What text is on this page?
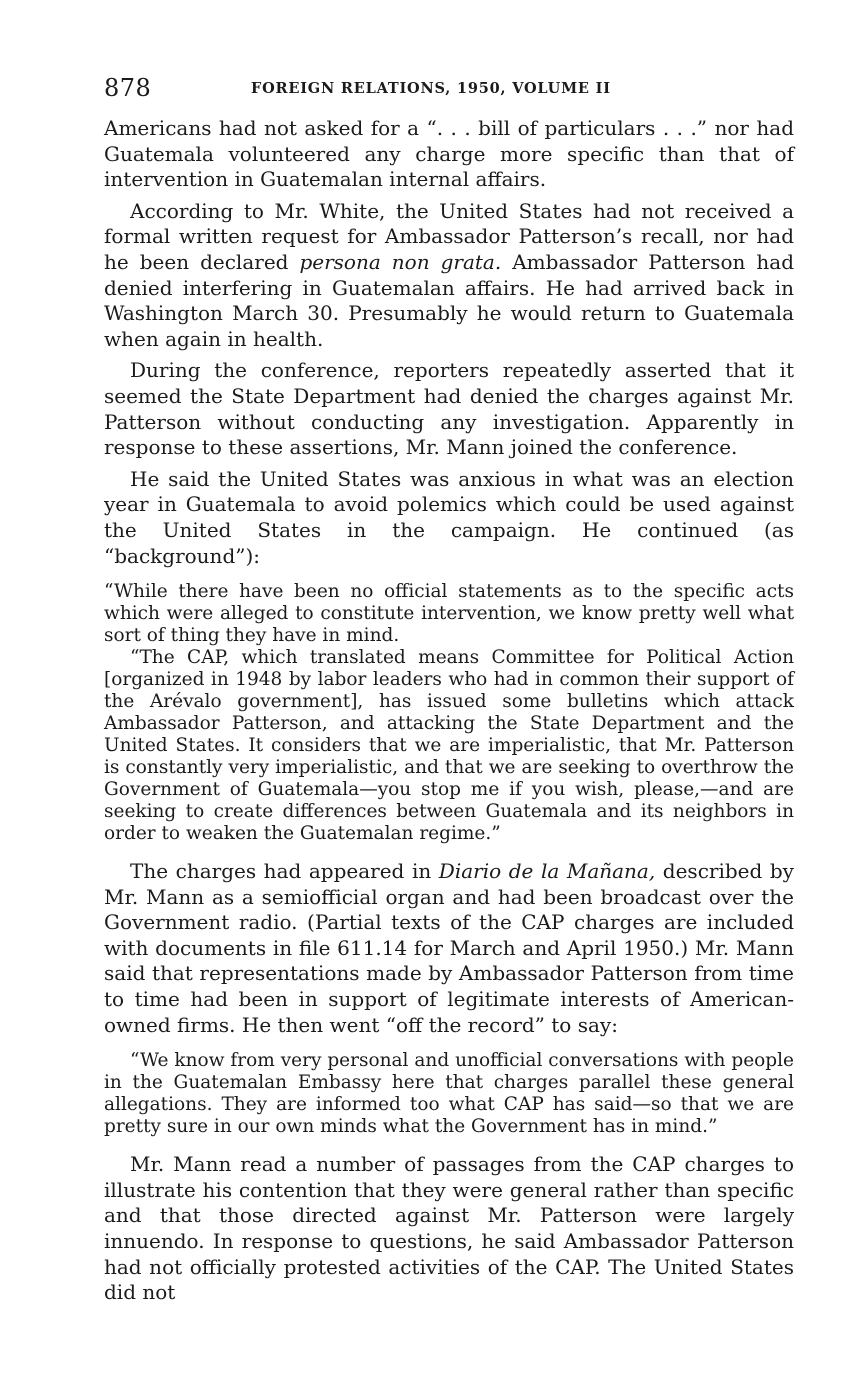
878	FOREIGN RELATIONS, 1950, VOLUME II

Americans had not asked for a “. . . bill of particulars . . .” nor had Guatemala volunteered any charge more specific than that of intervention in Guatemalan internal affairs.

According to Mr. White, the United States had not received a formal written request for Ambassador Patterson’s recall, nor had he been declared persona non grata. Ambassador Patterson had denied interfering in Guatemalan affairs. He had arrived back in Washington March 30. Presumably he would return to Guatemala when again in health.

During the conference, reporters repeatedly asserted that it seemed the State Department had denied the charges against Mr. Patterson without conducting any investigation. Apparently in response to these assertions, Mr. Mann joined the conference.

He said the United States was anxious in what was an election year in Guatemala to avoid polemics which could be used against the United States in the campaign. He continued (as “background”):

“While there have been no official statements as to the specific acts which were alleged to constitute intervention, we know pretty well what sort of thing they have in mind.

“The CAP, which translated means Committee for Political Action [organized in 1948 by labor leaders who had in common their support of the Arévalo government], has issued some bulletins which attack Ambassador Patterson, and attacking the State Department and the United States. It considers that we are imperialistic, that Mr. Patterson is constantly very imperialistic, and that we are seeking to overthrow the Government of Guatemala—you stop me if you wish, please,—and are seeking to create differences between Guatemala and its neighbors in order to weaken the Guatemalan regime.”

The charges had appeared in Diario de la Mañana, described by Mr. Mann as a semiofficial organ and had been broadcast over the Government radio. (Partial texts of the CAP charges are included with documents in file 611.14 for March and April 1950.) Mr. Mann said that representations made by Ambassador Patterson from time to time had been in support of legitimate interests of American-owned firms. He then went “off the record” to say:

“We know from very personal and unofficial conversations with people in the Guatemalan Embassy here that charges parallel these general allegations. They are informed too what CAP has said—so that we are pretty sure in our own minds what the Government has in mind.”

Mr. Mann read a number of passages from the CAP charges to illustrate his contention that they were general rather than specific and that those directed against Mr. Patterson were largely innuendo. In response to questions, he said Ambassador Patterson had not officially protested activities of the CAP. The United States did not
